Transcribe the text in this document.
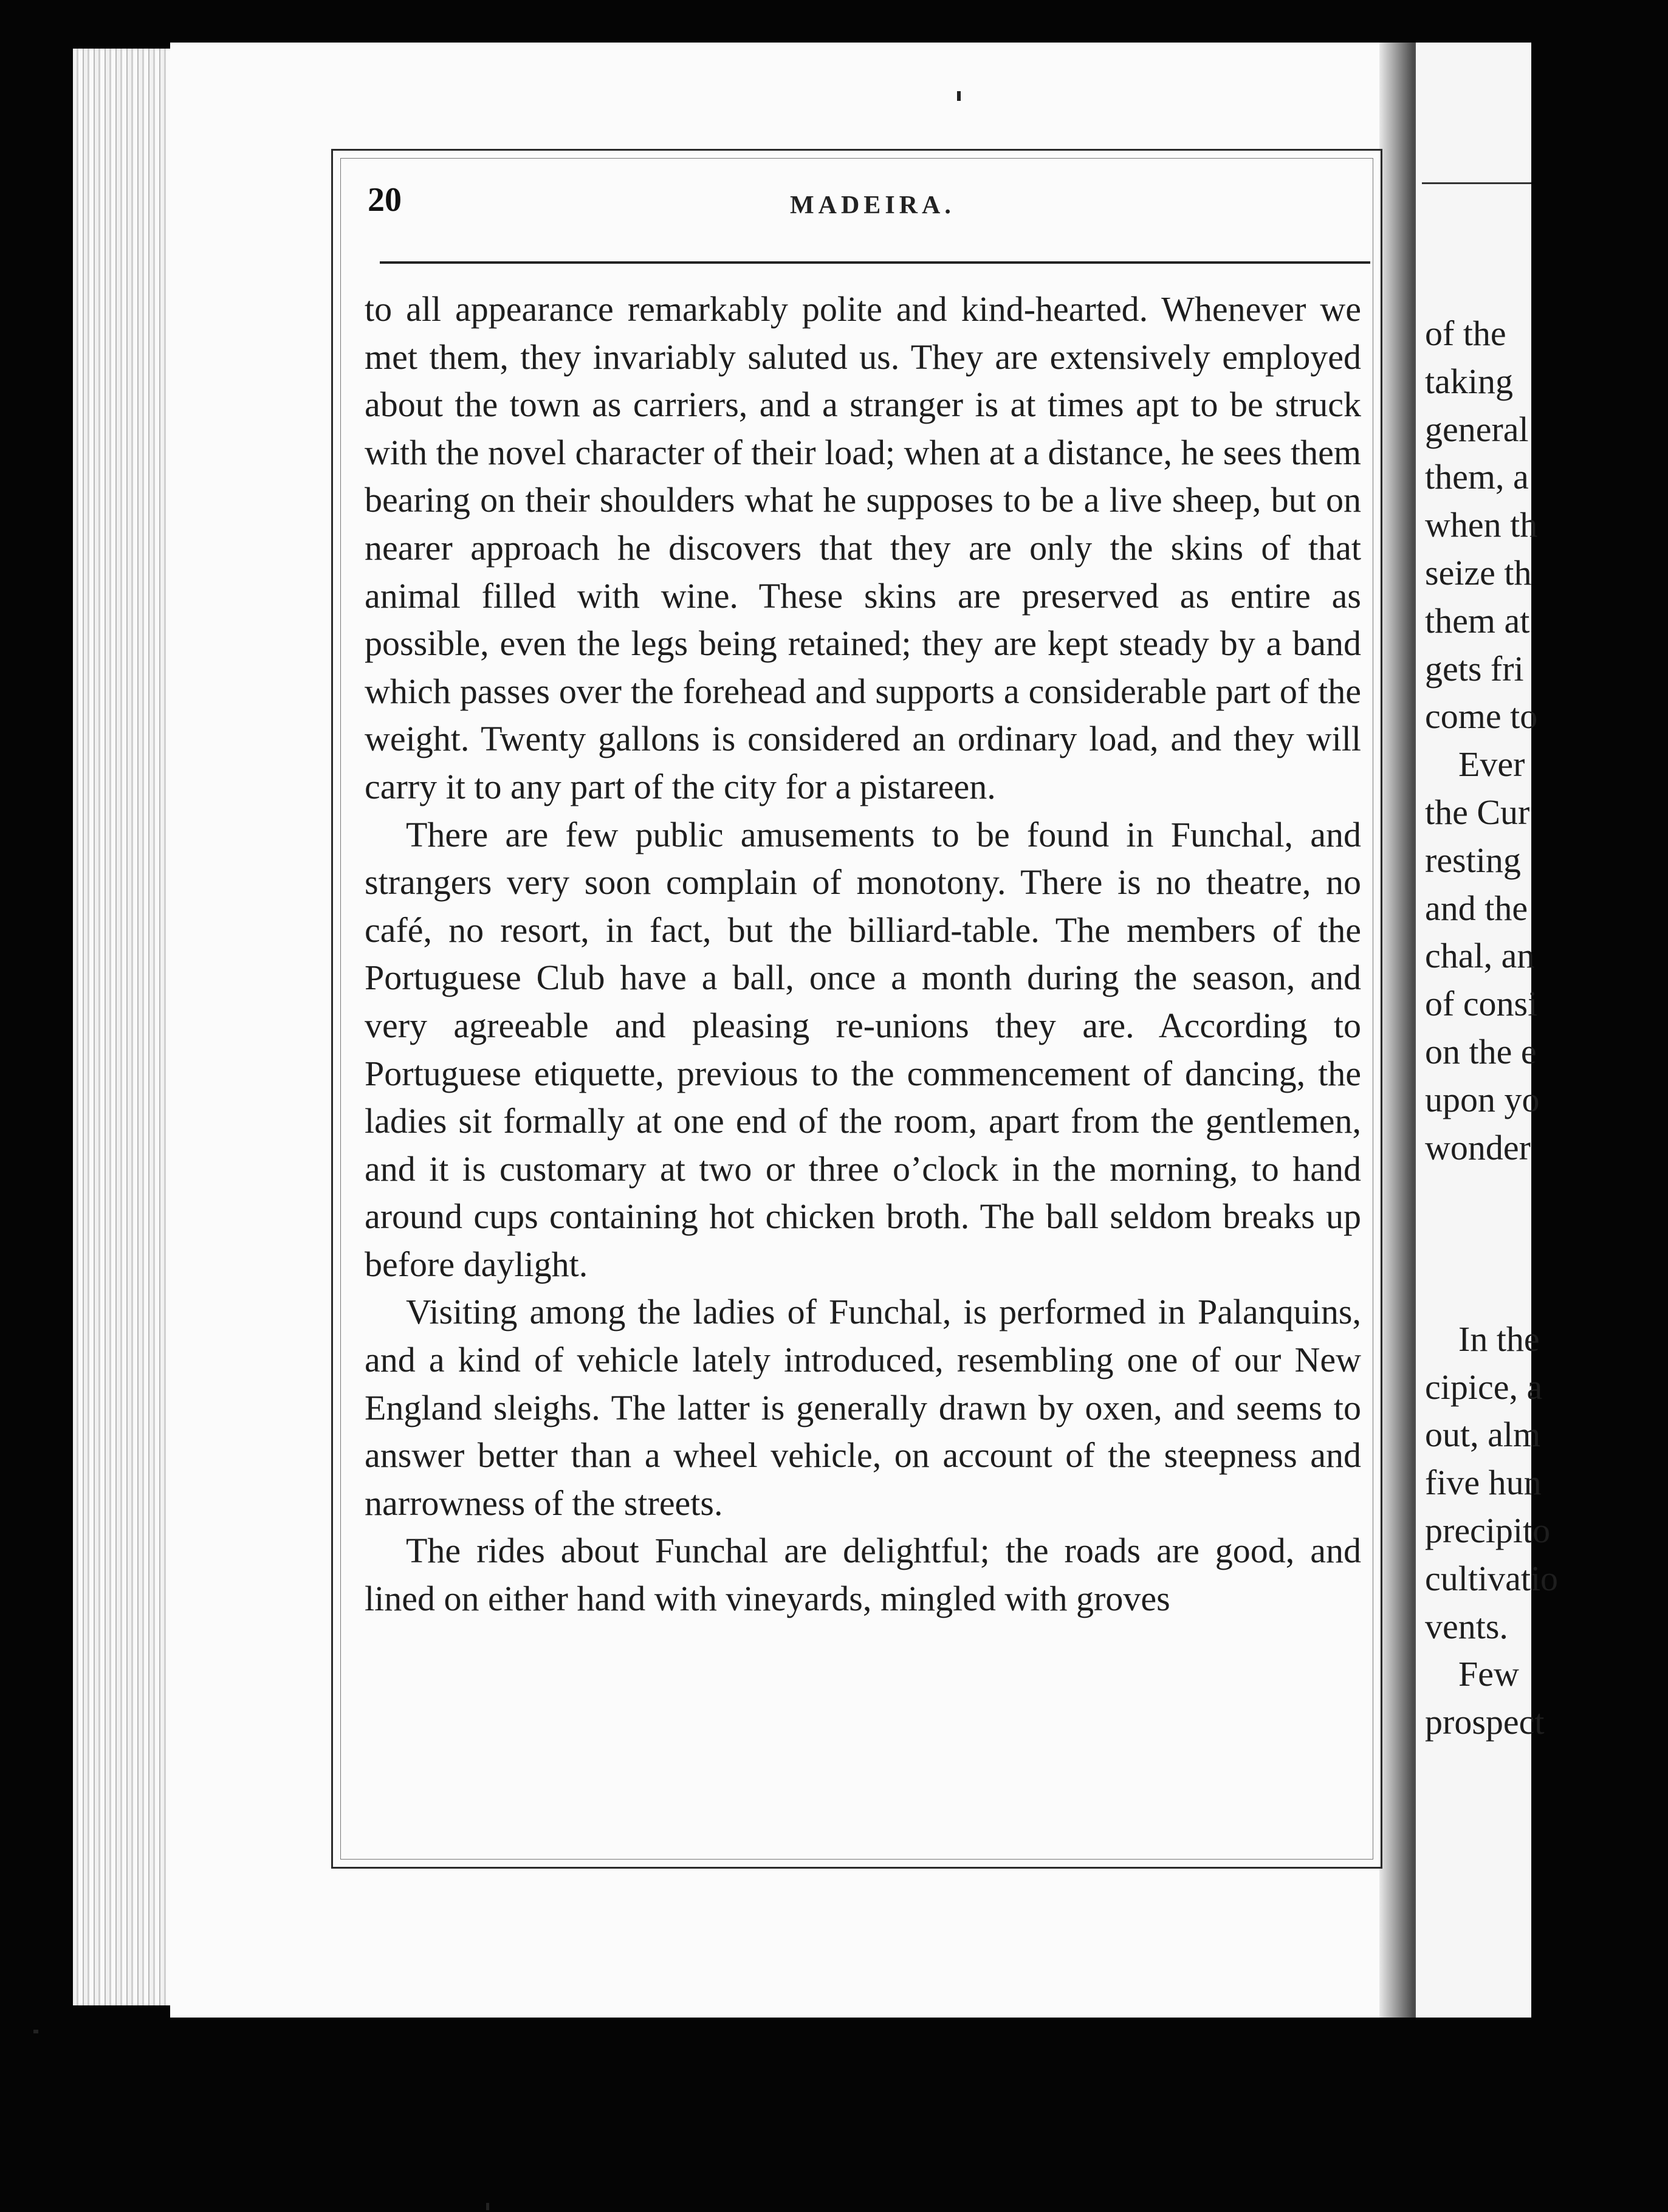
20	MADEIRA.

to all appearance remarkably polite and kind-hearted. Whenever we met them, they invariably saluted us. They are extensively employed about the town as carriers, and a stranger is at times apt to be struck with the novel character of their load; when at a distance, he sees them bearing on their shoulders what he supposes to be a live sheep, but on nearer approach he discovers that they are only the skins of that animal filled with wine. These skins are preserved as entire as possible, even the legs being retained; they are kept steady by a band which passes over the forehead and supports a considerable part of the weight. Twenty gallons is considered an ordinary load, and they will carry it to any part of the city for a pistareen.

There are few public amusements to be found in Funchal, and strangers very soon complain of monotony. There is no theatre, no café, no resort, in fact, but the billiard-table. The members of the Portuguese Club have a ball, once a month during the season, and very agreeable and pleasing re-unions they are. According to Portuguese etiquette, previous to the commencement of dancing, the ladies sit formally at one end of the room, apart from the gentlemen, and it is customary at two or three o’clock in the morning, to hand around cups containing hot chicken broth. The ball seldom breaks up before daylight.

Visiting among the ladies of Funchal, is performed in Palanquins, and a kind of vehicle lately introduced, resembling one of our New England sleighs. The latter is generally drawn by oxen, and seems to answer better than a wheel vehicle, on account of the steepness and narrowness of the streets.

The rides about Funchal are delightful; the roads are good, and lined on either hand with vineyards, mingled with groves

of the
taking
general
them, a
when th
seize th
them at
gets fri
come to
Ever
the Cur
resting
and the
chal, an
of consi
on the e
upon yo
wonder
In the
cipice, a
out, alm
five hun
precipito
cultivatio
vents.
Few
prospect
